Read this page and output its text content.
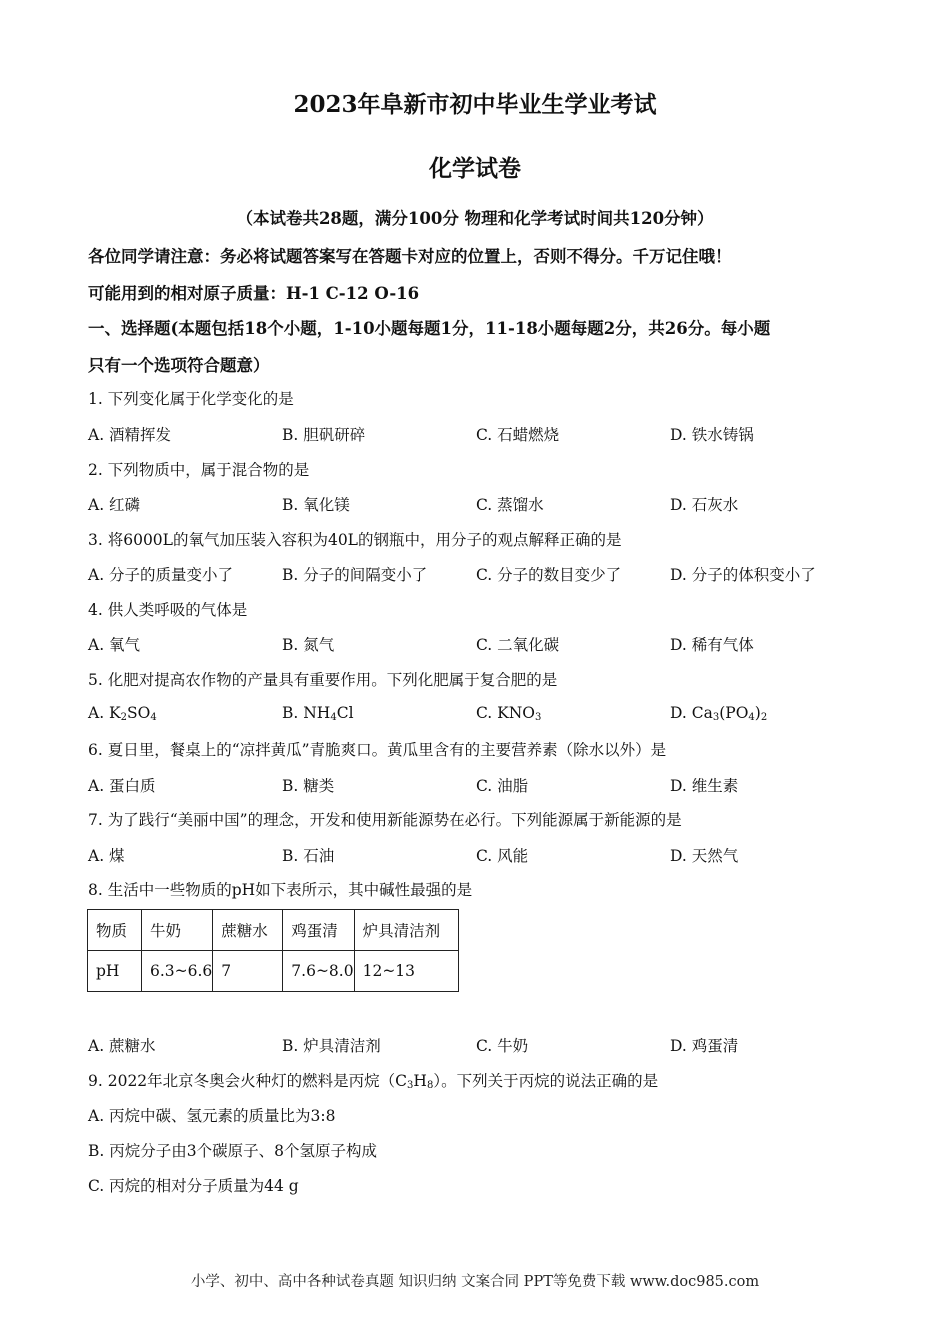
2023年阜新市初中毕业生学业考试
化学试卷
（本试卷共28题，满分100分 物理和化学考试时间共120分钟）
各位同学请注意：务必将试题答案写在答题卡对应的位置上，否则不得分。千万记住哦！
可能用到的相对原子质量：H-1 C-12 O-16
一、选择题(本题包括18个小题，1-10小题每题1分，11-18小题每题2分，共26分。每小题
只有一个选项符合题意）
1. 下列变化属于化学变化的是
A. 酒精挥发	B. 胆矾研碎	C. 石蜡燃烧	D. 铁水铸锅
2. 下列物质中，属于混合物的是
A. 红磷	B. 氧化镁	C. 蒸馏水	D. 石灰水
3. 将6000L的氧气加压装入容积为40L的钢瓶中，用分子的观点解释正确的是
A. 分子的质量变小了	B. 分子的间隔变小了	C. 分子的数目变少了	D. 分子的体积变小了
4. 供人类呼吸的气体是
A. 氧气	B. 氮气	C. 二氧化碳	D. 稀有气体
5. 化肥对提高农作物的产量具有重要作用。下列化肥属于复合肥的是
A. $K_2SO_4$	B. $NH_4Cl$	C. $KNO_3$	D. $Ca_3(PO_4)_2$
6. 夏日里，餐桌上的“凉拌黄瓜”青脆爽口。黄瓜里含有的主要营养素（除水以外）是
A. 蛋白质	B. 糖类	C. 油脂	D. 维生素
7. 为了践行“美丽中国”的理念，开发和使用新能源势在必行。下列能源属于新能源的是
A. 煤	B. 石油	C. 风能	D. 天然气
8. 生活中一些物质的pH如下表所示，其中碱性最强的是
物质	牛奶	蔗糖水	鸡蛋清	炉具清洁剂
pH	6.3~6.6	7	7.6~8.0	12~13
A. 蔗糖水	B. 炉具清洁剂	C. 牛奶	D. 鸡蛋清
9. 2022年北京冬奥会火种灯的燃料是丙烷$(C_3H_8)$。下列关于丙烷的说法正确的是
A. 丙烷中碳、氢元素的质量比为3:8
B. 丙烷分子由3个碳原子、8个氢原子构成
C. 丙烷的相对分子质量为44 g
小学、初中、高中各种试卷真题 知识归纳 文案合同 PPT等免费下载 www.doc985.com
